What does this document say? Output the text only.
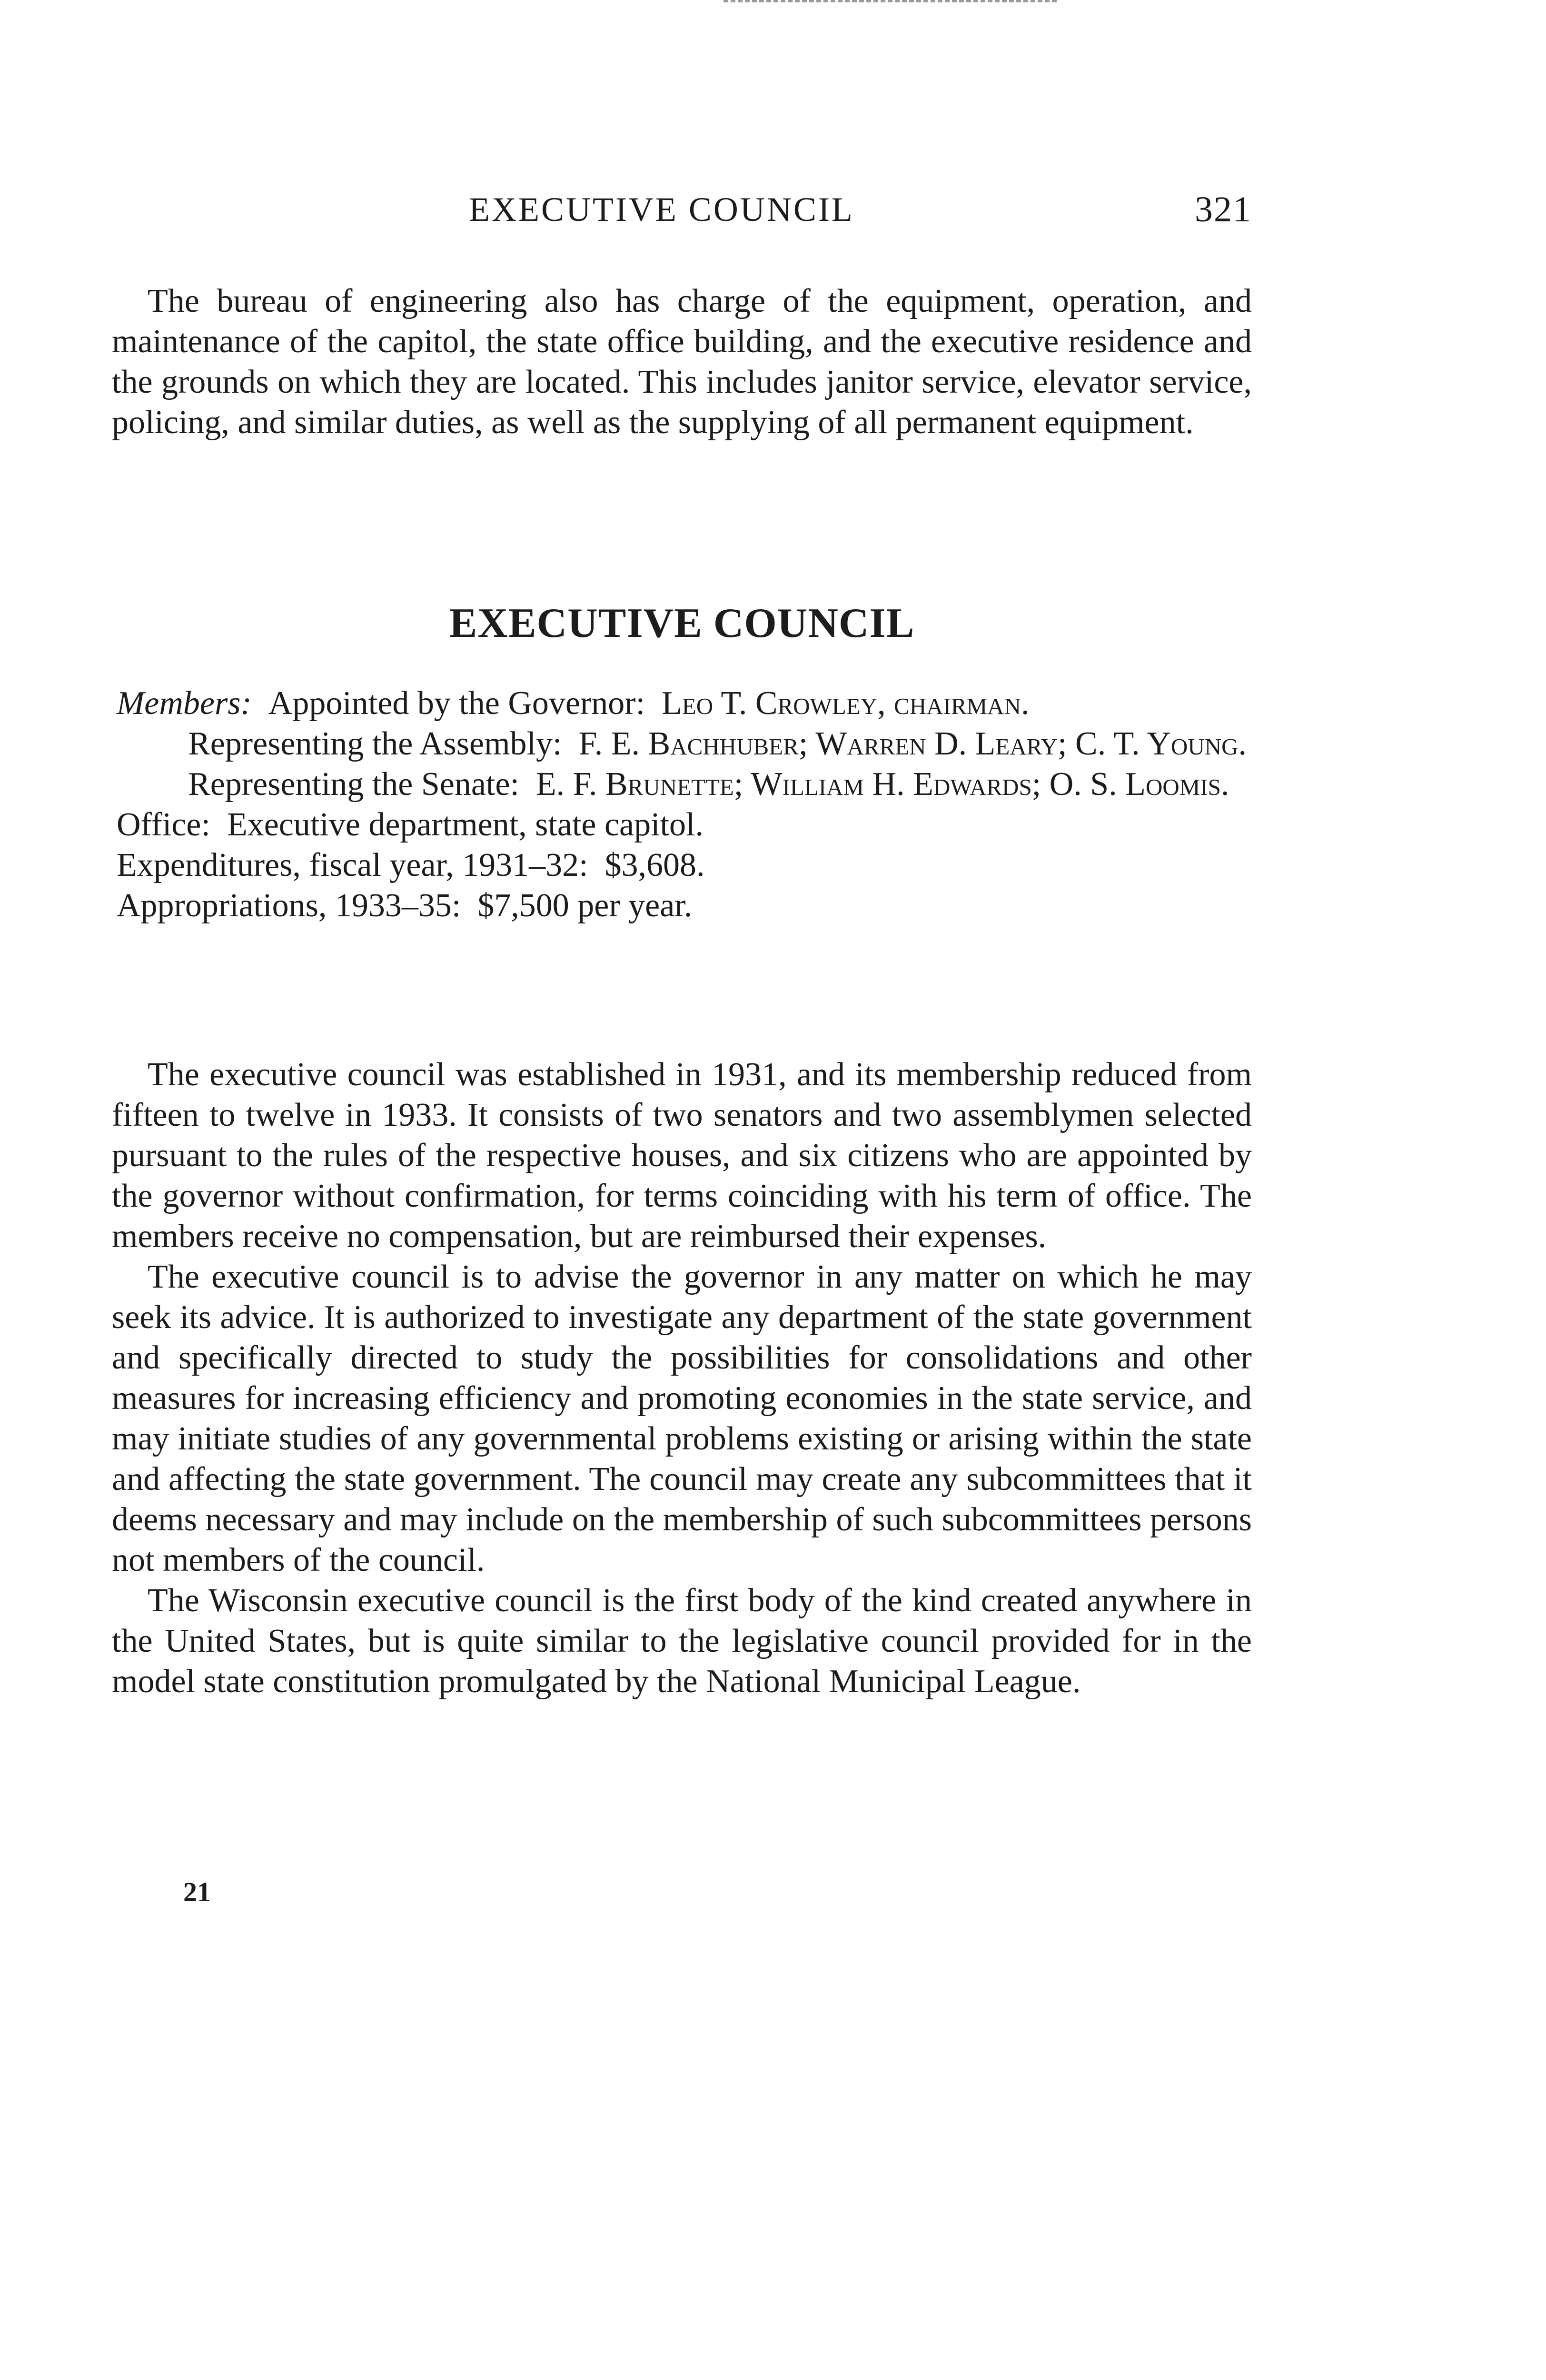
EXECUTIVE COUNCIL	321

The bureau of engineering also has charge of the equipment, operation, and maintenance of the capitol, the state office building, and the executive residence and the grounds on which they are located. This includes janitor service, elevator service, policing, and similar duties, as well as the supplying of all permanent equipment.

EXECUTIVE COUNCIL

Members: Appointed by the Governor: Leo T. Crowley, chairman.

Representing the Assembly: F. E. Bachhuber; Warren D. Leary; C. T. Young.

Representing the Senate: E. F. Brunette; William H. Edwards; O. S. Loomis.

Office: Executive department, state capitol.

Expenditures, fiscal year, 1931–32: $3,608.

Appropriations, 1933–35: $7,500 per year.

The executive council was established in 1931, and its membership reduced from fifteen to twelve in 1933. It consists of two senators and two assemblymen selected pursuant to the rules of the respective houses, and six citizens who are appointed by the governor without confirmation, for terms coinciding with his term of office. The members receive no compensation, but are reimbursed their expenses.

The executive council is to advise the governor in any matter on which he may seek its advice. It is authorized to investigate any department of the state government and specifically directed to study the possibilities for consolidations and other measures for increasing efficiency and promoting economies in the state service, and may initiate studies of any governmental problems existing or arising within the state and affecting the state government. The council may create any subcommittees that it deems necessary and may include on the membership of such subcommittees persons not members of the council.

The Wisconsin executive council is the first body of the kind created anywhere in the United States, but is quite similar to the legislative council provided for in the model state constitution promulgated by the National Municipal League.

21
